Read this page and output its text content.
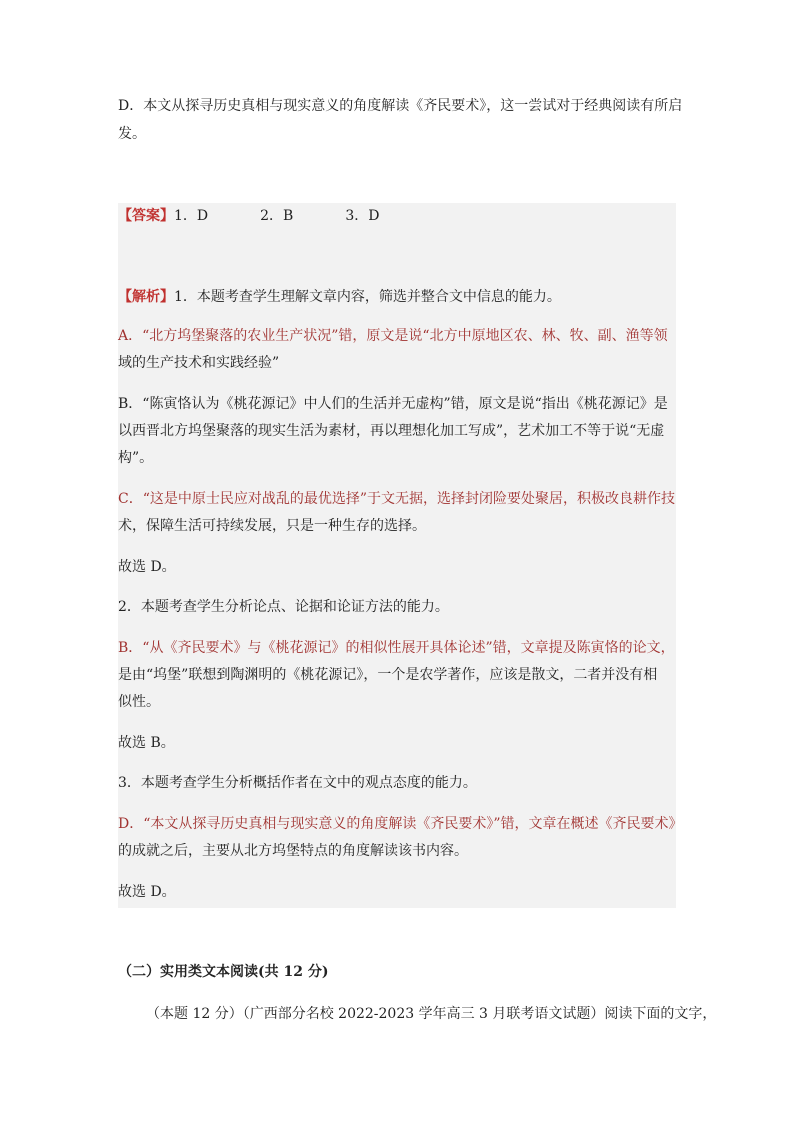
D．本文从探寻历史真相与现实意义的角度解读《齐民要术》，这一尝试对于经典阅读有所启
发。
【答案】1．D	2．B	3．D
【解析】1．本题考查学生理解文章内容，筛选并整合文中信息的能力。
A．“北方坞堡聚落的农业生产状况”错，原文是说“北方中原地区农、林、牧、副、渔等领
域的生产技术和实践经验”
B．“陈寅恪认为《桃花源记》中人们的生活并无虚构”错，原文是说“指出《桃花源记》是
以西晋北方坞堡聚落的现实生活为素材，再以理想化加工写成”，艺术加工不等于说“无虚
构”。
C．“这是中原士民应对战乱的最优选择”于文无据，选择封闭险要处聚居，积极改良耕作技
术，保障生活可持续发展，只是一种生存的选择。
故选 D。
2．本题考查学生分析论点、论据和论证方法的能力。
B．“从《齐民要术》与《桃花源记》的相似性展开具体论述”错，文章提及陈寅恪的论文，
是由“坞堡”联想到陶渊明的《桃花源记》，一个是农学著作，应该是散文，二者并没有相
似性。
故选 B。
3．本题考查学生分析概括作者在文中的观点态度的能力。
D．“本文从探寻历史真相与现实意义的角度解读《齐民要术》”错，文章在概述《齐民要术》
的成就之后，主要从北方坞堡特点的角度解读该书内容。
故选 D。
（二）实用类文本阅读(共 12 分)
（本题 12 分）（广西部分名校 2022-2023 学年高三 3 月联考语文试题）阅读下面的文字，
